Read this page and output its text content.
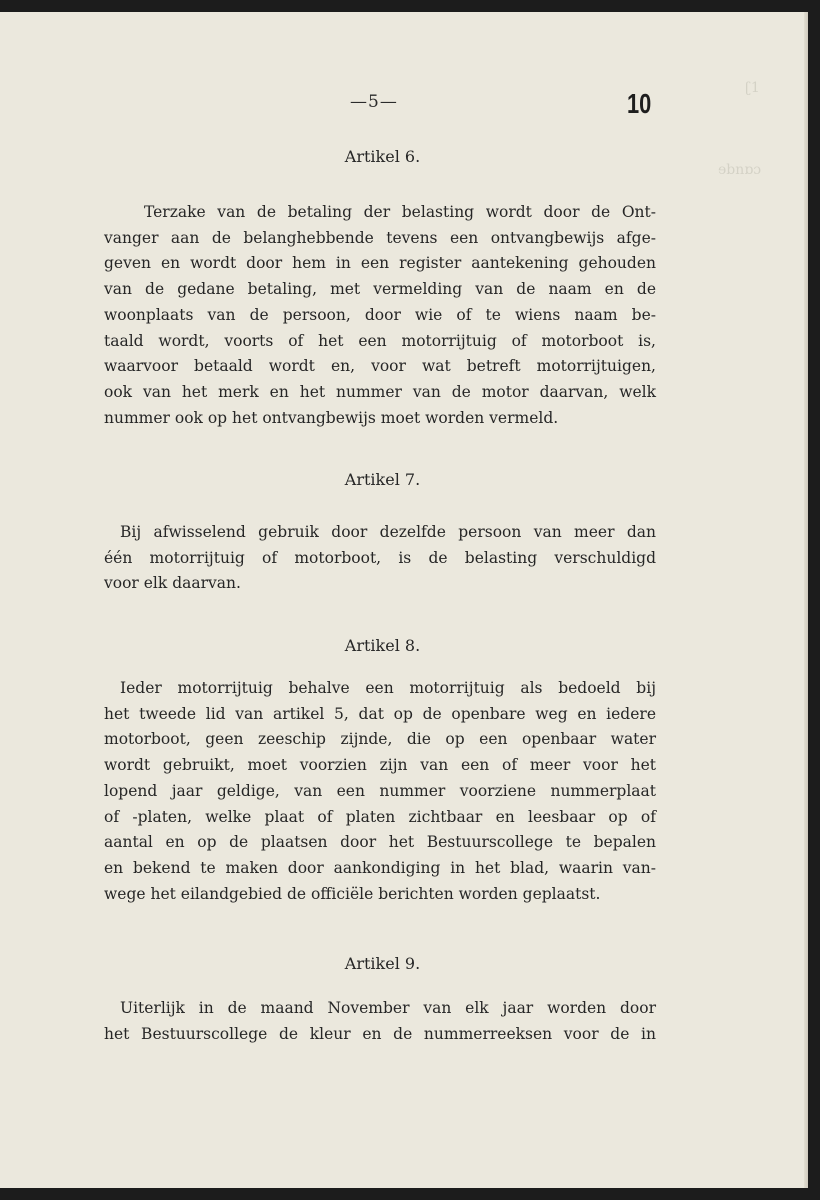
ɘbnɒɔ
ʗ1
—5—	10
Artikel 6.

Terzake van de betaling der belasting wordt door de Ont-
vanger aan de belanghebbende tevens een ontvangbewijs afge-
geven en wordt door hem in een register aantekening gehouden
van de gedane betaling, met vermelding van de naam en de
woonplaats van de persoon, door wie of te wiens naam be-
taald wordt, voorts of het een motorrijtuig of motorboot is,
waarvoor betaald wordt en, voor wat betreft motorrijtuigen,
ook van het merk en het nummer van de motor daarvan, welk
nummer ook op het ontvangbewijs moet worden vermeld.

Artikel 7.

Bij afwisselend gebruik door dezelfde persoon van meer dan
één motorrijtuig of motorboot, is de belasting verschuldigd
voor elk daarvan.

Artikel 8.

Ieder motorrijtuig behalve een motorrijtuig als bedoeld bij
het tweede lid van artikel 5, dat op de openbare weg en iedere
motorboot, geen zeeschip zijnde, die op een openbaar water
wordt gebruikt, moet voorzien zijn van een of meer voor het
lopend jaar geldige, van een nummer voorziene nummerplaat
of -platen, welke plaat of platen zichtbaar en leesbaar op of
aantal en op de plaatsen door het Bestuurscollege te bepalen
en bekend te maken door aankondiging in het blad, waarin van-
wege het eilandgebied de officiële berichten worden geplaatst.

Artikel 9.

Uiterlijk in de maand November van elk jaar worden door
het Bestuurscollege de kleur en de nummerreeksen voor de in
